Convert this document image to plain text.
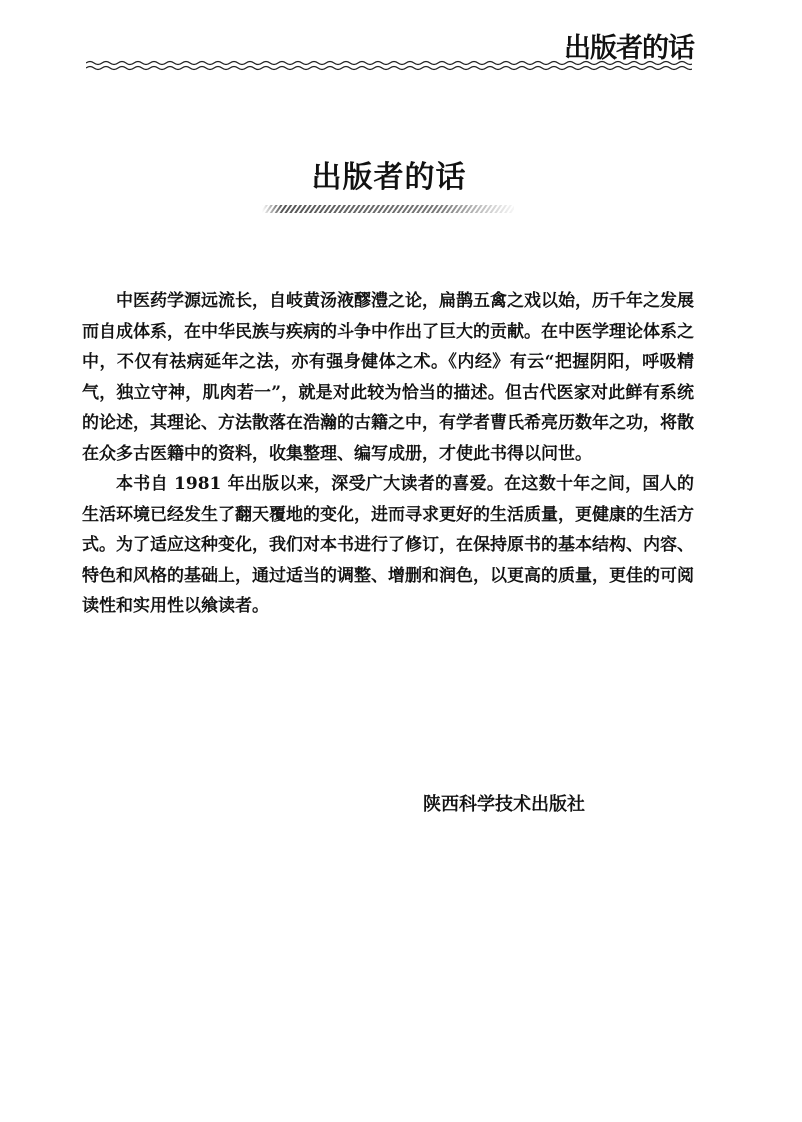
出版者的话
出版者的话

中医药学源远流长，自岐黄汤液醪澧之论，扁鹊五禽之戏以始，历千年之发展而自成体系，在中华民族与疾病的斗争中作出了巨大的贡献。在中医学理论体系之中，不仅有祛病延年之法，亦有强身健体之术。《内经》有云“把握阴阳，呼吸精气，独立守神，肌肉若一”，就是对此较为恰当的描述。但古代医家对此鲜有系统的论述，其理论、方法散落在浩瀚的古籍之中，有学者曹氏希亮历数年之功，将散在众多古医籍中的资料，收集整理、编写成册，才使此书得以问世。

本书自 1981 年出版以来，深受广大读者的喜爱。在这数十年之间，国人的生活环境已经发生了翻天覆地的变化，进而寻求更好的生活质量，更健康的生活方式。为了适应这种变化，我们对本书进行了修订，在保持原书的基本结构、内容、特色和风格的基础上，通过适当的调整、增删和润色，以更高的质量，更佳的可阅读性和实用性以飨读者。

陕西科学技术出版社
